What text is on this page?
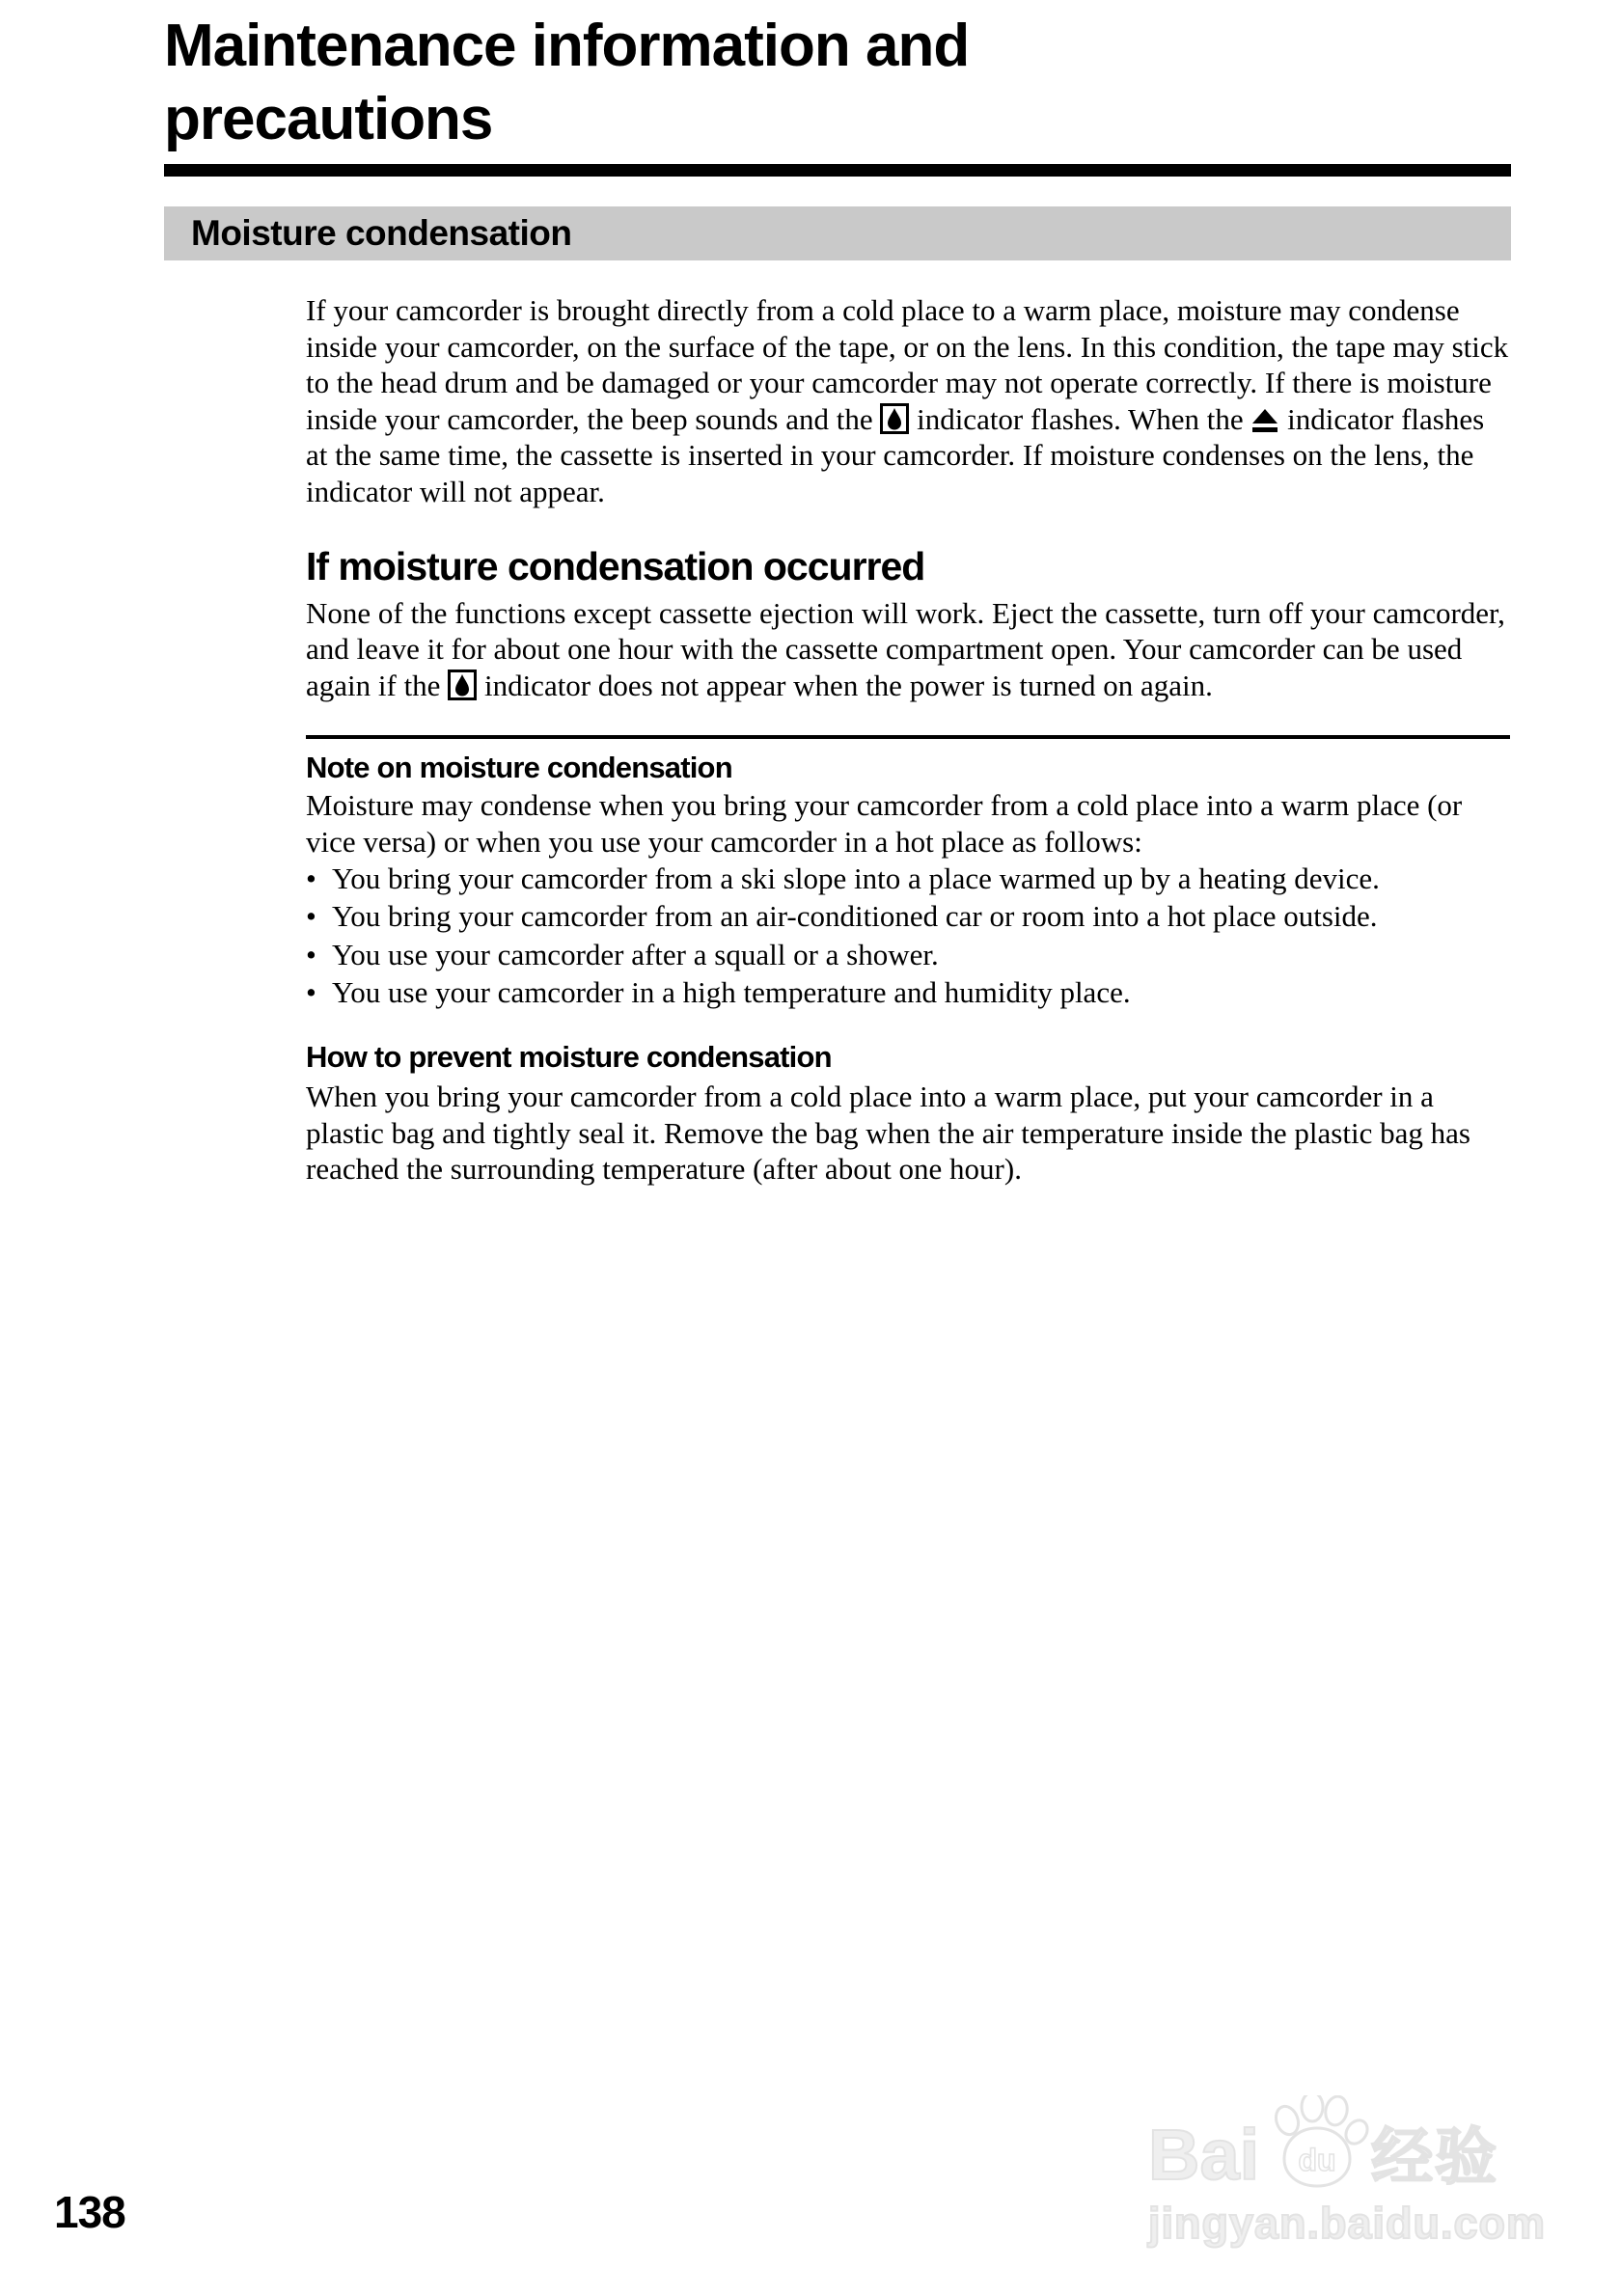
Maintenance information and precautions
Moisture condensation

If your camcorder is brought directly from a cold place to a warm place, moisture may condense inside your camcorder, on the surface of the tape, or on the lens. In this condition, the tape may stick to the head drum and be damaged or your camcorder may not operate correctly. If there is moisture inside your camcorder, the beep sounds and the  indicator flashes. When the  indicator flashes at the same time, the cassette is inserted in your camcorder. If moisture condenses on the lens, the indicator will not appear.

If moisture condensation occurred

None of the functions except cassette ejection will work. Eject the cassette, turn off your camcorder, and leave it for about one hour with the cassette compartment open. Your camcorder can be used again if the  indicator does not appear when the power is turned on again.

Note on moisture condensation

Moisture may condense when you bring your camcorder from a cold place into a warm place (or vice versa) or when you use your camcorder in a hot place as follows:

• You bring your camcorder from a ski slope into a place warmed up by a heating device.
• You bring your camcorder from an air-conditioned car or room into a hot place outside.
• You use your camcorder after a squall or a shower.
• You use your camcorder in a high temperature and humidity place.
How to prevent moisture condensation

When you bring your camcorder from a cold place into a warm place, put your camcorder in a plastic bag and tightly seal it. Remove the bag when the air temperature inside the plastic bag has reached the surrounding temperature (after about one hour).

138
Bai du 经验
jingyan.baidu.com
